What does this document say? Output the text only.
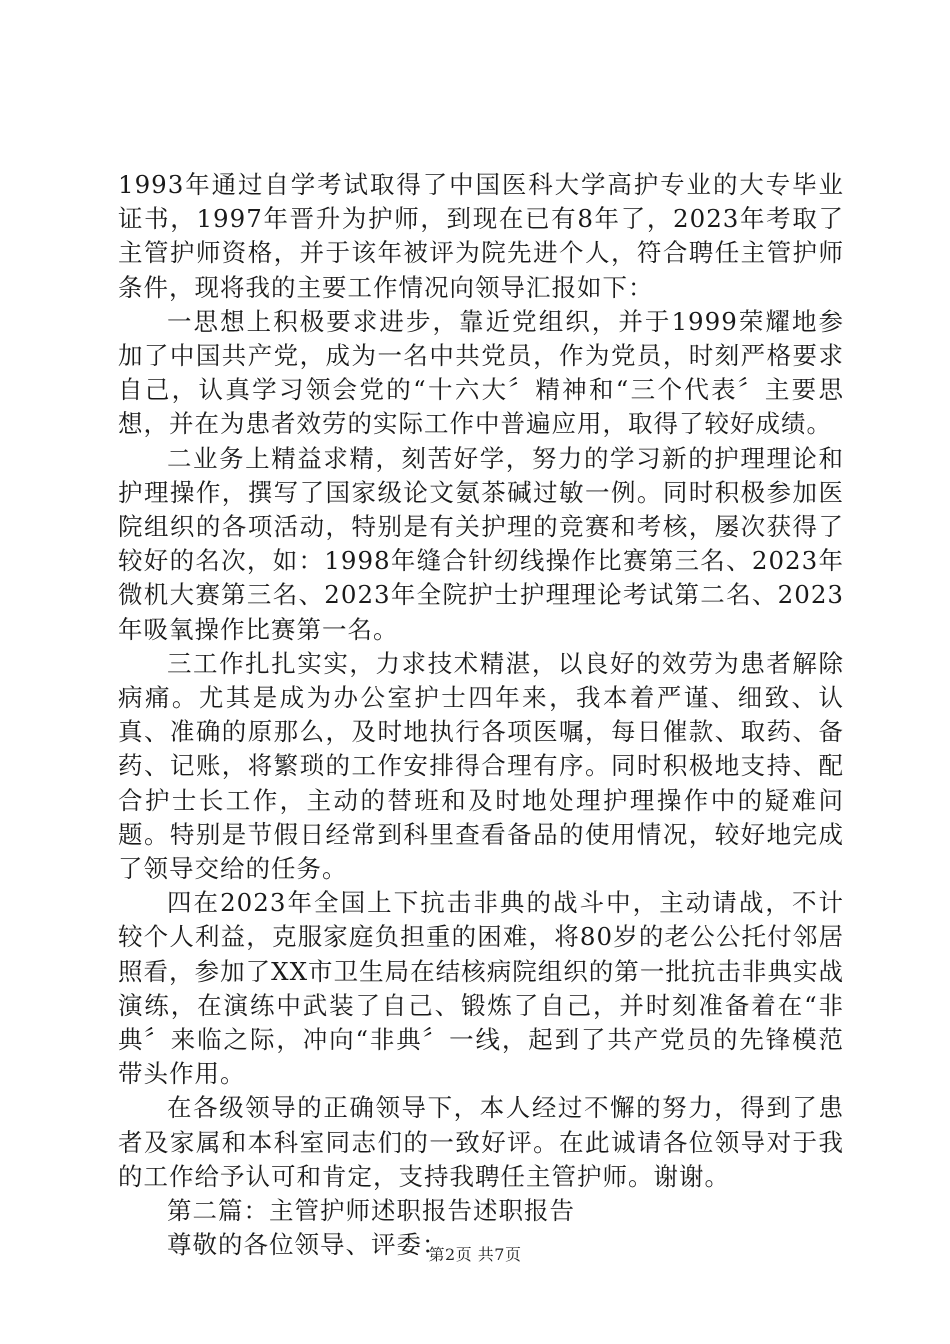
1993年通过自学考试取得了中国医科大学高护专业的大专毕业证书，1997年晋升为护师，到现在已有8年了，2023年考取了主管护师资格，并于该年被评为院先进个人，符合聘任主管护师条件，现将我的主要工作情况向领导汇报如下：

一思想上积极要求进步，靠近党组织，并于1999荣耀地参加了中国共产党，成为一名中共党员，作为党员，时刻严格要求自己，认真学习领会党的“十六大〞精神和“三个代表〞主要思想，并在为患者效劳的实际工作中普遍应用，取得了较好成绩。

二业务上精益求精，刻苦好学，努力的学习新的护理理论和护理操作，撰写了国家级论文氨茶碱过敏一例。同时积极参加医院组织的各项活动，特别是有关护理的竞赛和考核，屡次获得了较好的名次，如：1998年缝合针纫线操作比赛第三名、2023年微机大赛第三名、2023年全院护士护理理论考试第二名、2023年吸氧操作比赛第一名。

三工作扎扎实实，力求技术精湛，以良好的效劳为患者解除病痛。尤其是成为办公室护士四年来，我本着严谨、细致、认真、准确的原那么，及时地执行各项医嘱，每日催款、取药、备药、记账，将繁琐的工作安排得合理有序。同时积极地支持、配合护士长工作，主动的替班和及时地处理护理操作中的疑难问题。特别是节假日经常到科里查看备品的使用情况，较好地完成了领导交给的任务。

四在2023年全国上下抗击非典的战斗中，主动请战，不计较个人利益，克服家庭负担重的困难，将80岁的老公公托付邻居照看，参加了XX市卫生局在结核病院组织的第一批抗击非典实战演练，在演练中武装了自己、锻炼了自己，并时刻准备着在“非典〞来临之际，冲向“非典〞一线，起到了共产党员的先锋模范带头作用。

在各级领导的正确领导下，本人经过不懈的努力，得到了患者及家属和本科室同志们的一致好评。在此诚请各位领导对于我的工作给予认可和肯定，支持我聘任主管护师。谢谢。

第二篇：主管护师述职报告述职报告

尊敬的各位领导、评委：

第2页 共7页
